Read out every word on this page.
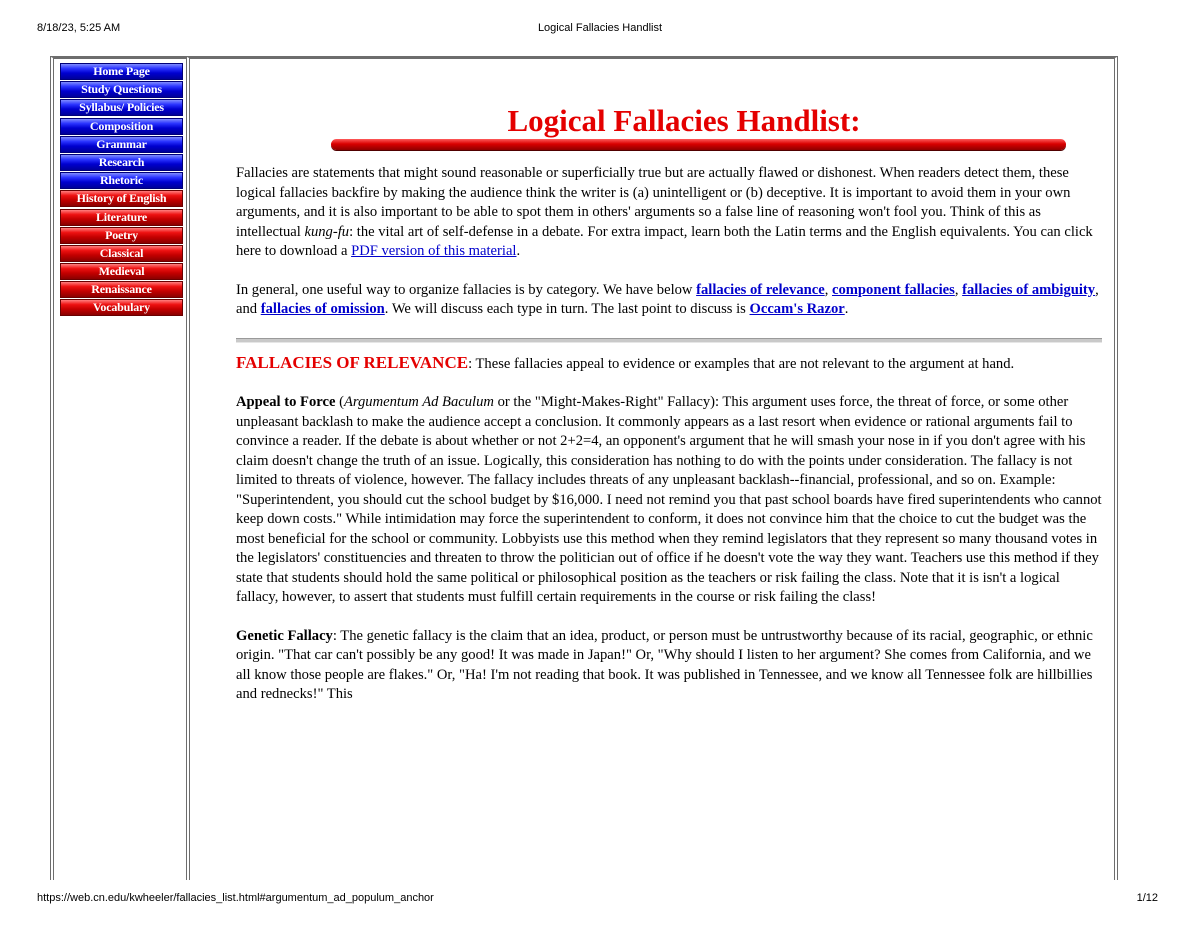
8/18/23, 5:25 AM	Logical Fallacies Handlist
Home Page
Study Questions
Syllabus/ Policies
Composition
Grammar
Research
Rhetoric
History of English
Literature
Poetry
Classical
Medieval
Renaissance
Vocabulary
Logical Fallacies Handlist:

Fallacies are statements that might sound reasonable or superficially true but are actually flawed or dishonest. When readers detect them, these logical fallacies backfire by making the audience think the writer is (a) unintelligent or (b) deceptive. It is important to avoid them in your own arguments, and it is also important to be able to spot them in others' arguments so a false line of reasoning won't fool you. Think of this as intellectual kung-fu: the vital art of self-defense in a debate. For extra impact, learn both the Latin terms and the English equivalents. You can click here to download a PDF version of this material.

In general, one useful way to organize fallacies is by category. We have below fallacies of relevance, component fallacies, fallacies of ambiguity, and fallacies of omission. We will discuss each type in turn. The last point to discuss is Occam's Razor.

FALLACIES OF RELEVANCE: These fallacies appeal to evidence or examples that are not relevant to the argument at hand.

Appeal to Force (Argumentum Ad Baculum or the "Might-Makes-Right" Fallacy): This argument uses force, the threat of force, or some other unpleasant backlash to make the audience accept a conclusion. It commonly appears as a last resort when evidence or rational arguments fail to convince a reader. If the debate is about whether or not 2+2=4, an opponent's argument that he will smash your nose in if you don't agree with his claim doesn't change the truth of an issue. Logically, this consideration has nothing to do with the points under consideration. The fallacy is not limited to threats of violence, however. The fallacy includes threats of any unpleasant backlash--financial, professional, and so on. Example: "Superintendent, you should cut the school budget by $16,000. I need not remind you that past school boards have fired superintendents who cannot keep down costs." While intimidation may force the superintendent to conform, it does not convince him that the choice to cut the budget was the most beneficial for the school or community. Lobbyists use this method when they remind legislators that they represent so many thousand votes in the legislators' constituencies and threaten to throw the politician out of office if he doesn't vote the way they want. Teachers use this method if they state that students should hold the same political or philosophical position as the teachers or risk failing the class. Note that it is isn't a logical fallacy, however, to assert that students must fulfill certain requirements in the course or risk failing the class!

Genetic Fallacy: The genetic fallacy is the claim that an idea, product, or person must be untrustworthy because of its racial, geographic, or ethnic origin. "That car can't possibly be any good! It was made in Japan!" Or, "Why should I listen to her argument? She comes from California, and we all know those people are flakes." Or, "Ha! I'm not reading that book. It was published in Tennessee, and we know all Tennessee folk are hillbillies and rednecks!" This

https://web.cn.edu/kwheeler/fallacies_list.html#argumentum_ad_populum_anchor	1/12
